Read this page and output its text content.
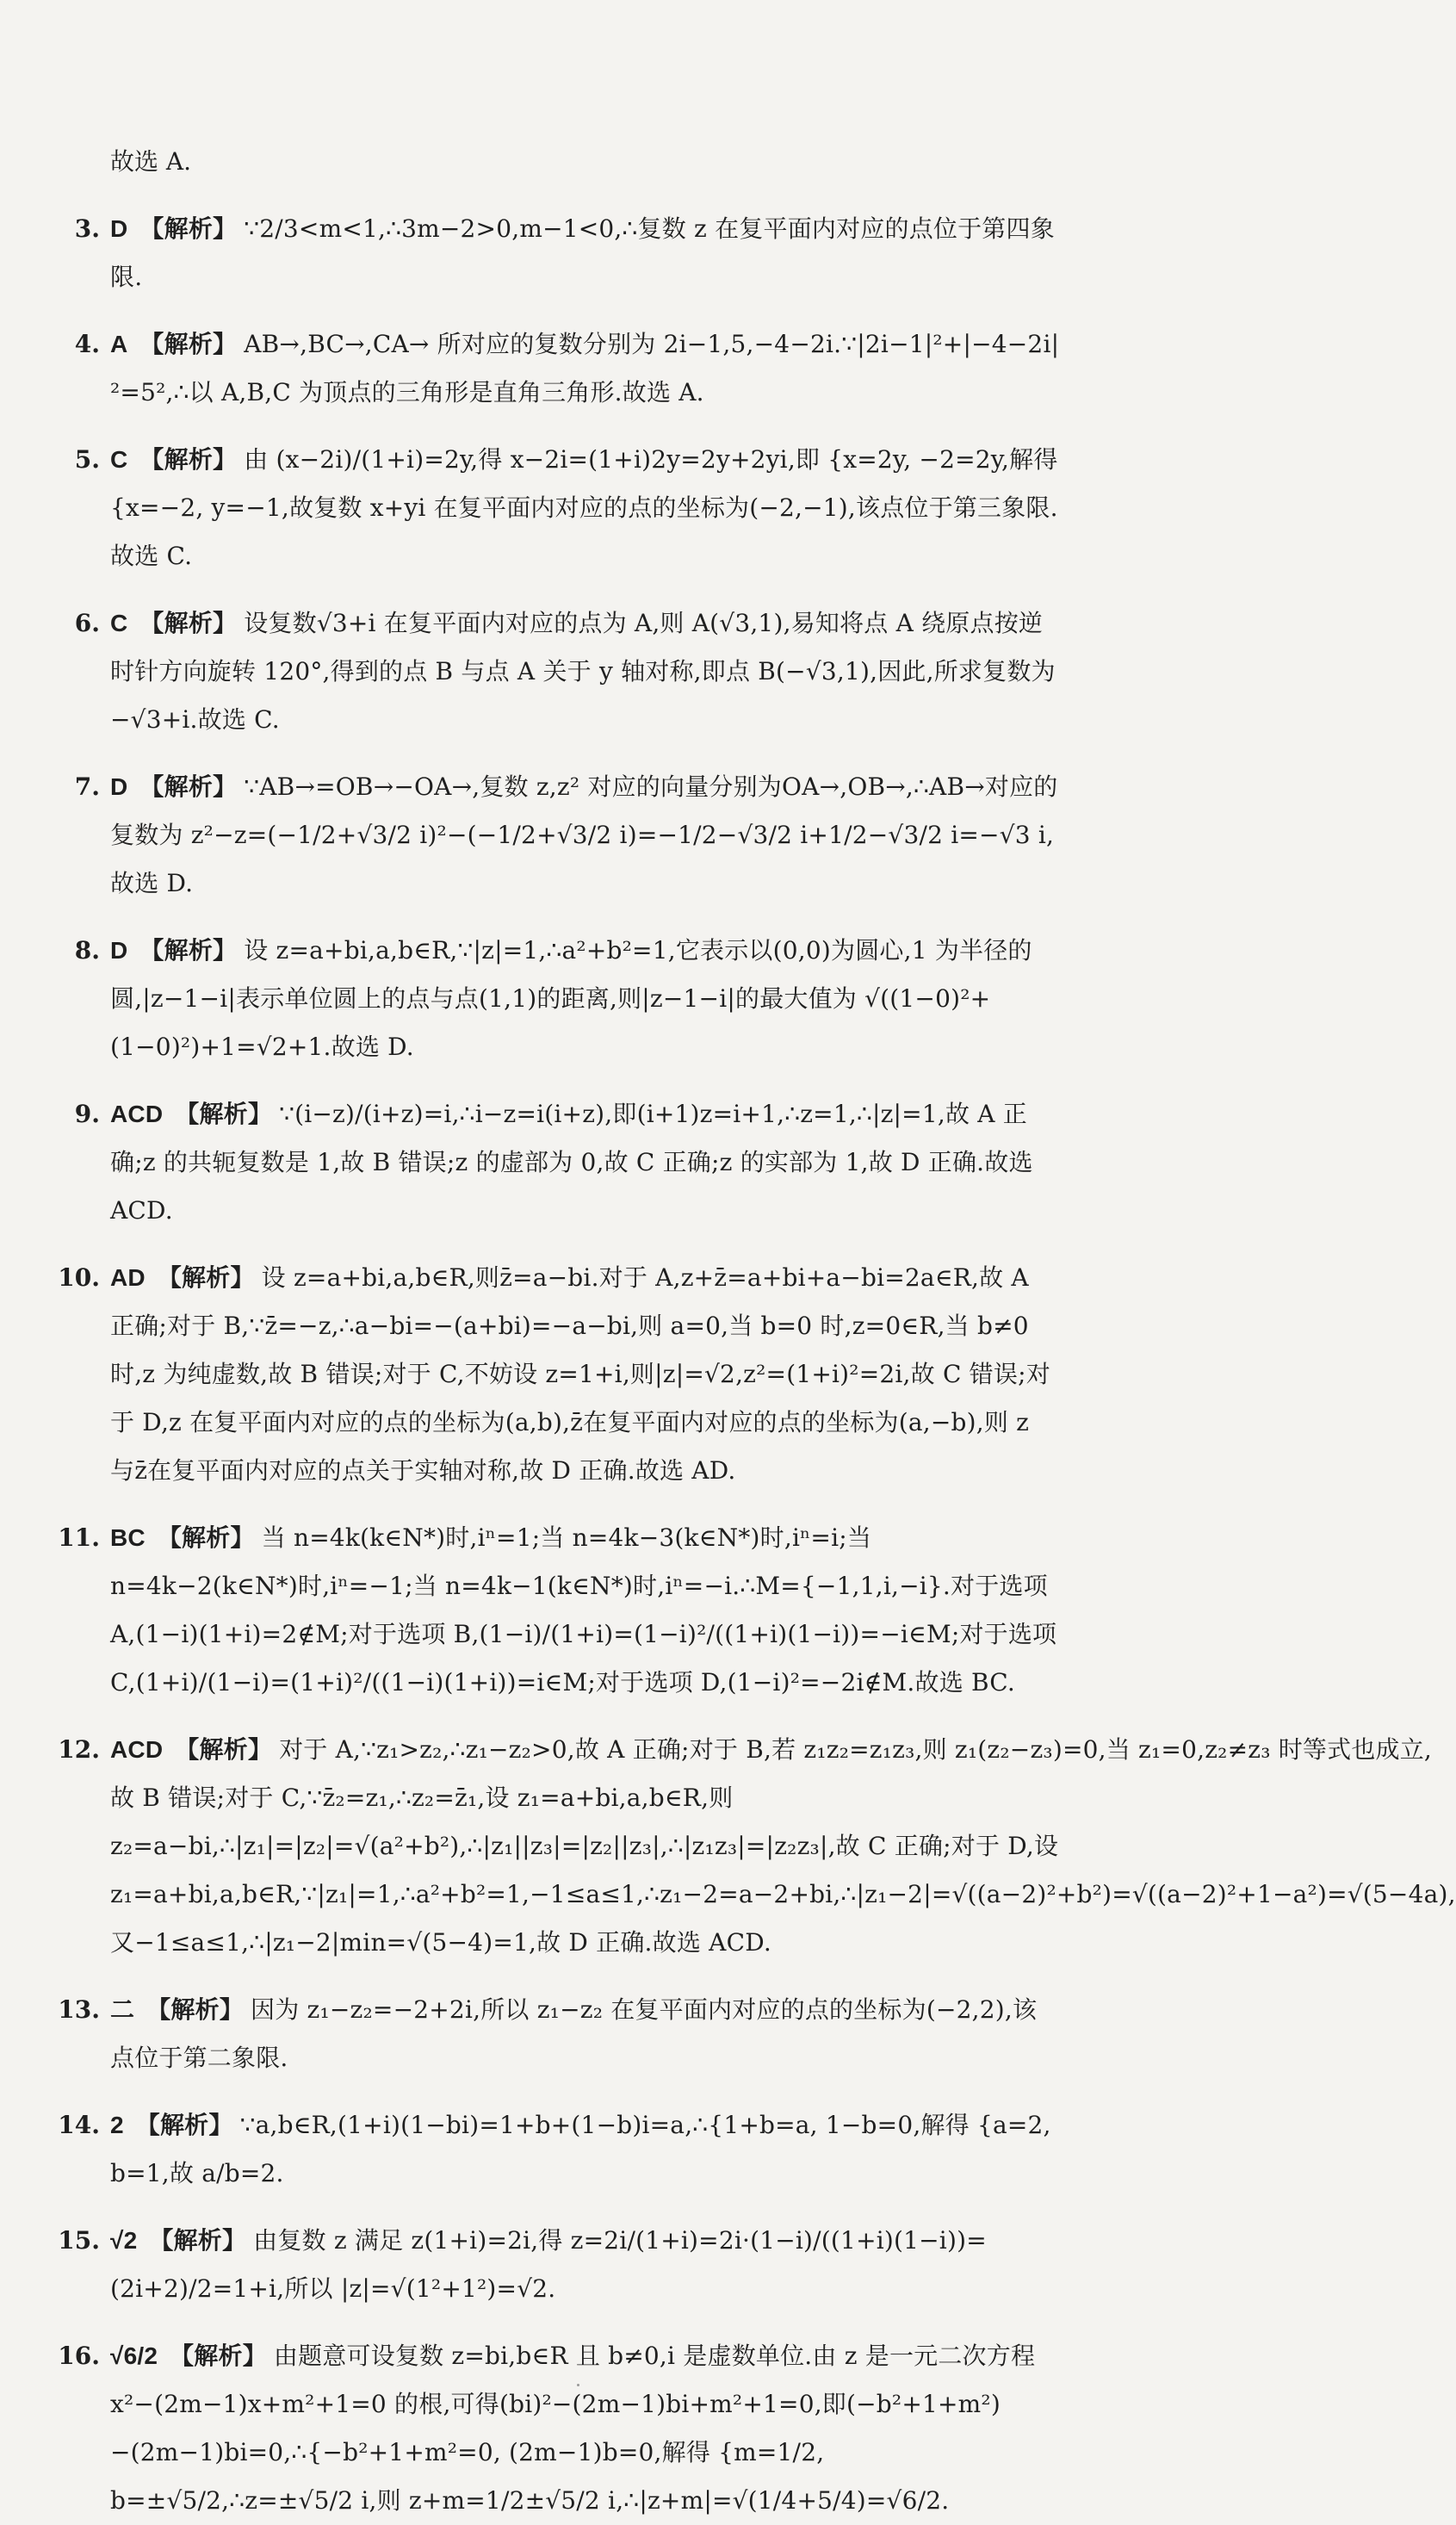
故选 A.
3. D 【解析】 ∵2/3<m<1,∴3m−2>0,m−1<0,∴复数 z 在复平面内对应的点位于第四象限.
4. A 【解析】 AB→,BC→,CA→ 所对应的复数分别为 2i−1,5,−4−2i.∵|2i−1|²+|−4−2i|²=5²,∴以 A,B,C 为顶点的三角形是直角三角形.故选 A.
5. C 【解析】 由 (x−2i)/(1+i)=2y,得 x−2i=(1+i)2y=2y+2yi,即 {x=2y, −2=2y,解得 {x=−2, y=−1,故复数 x+yi 在复平面内对应的点的坐标为(−2,−1),该点位于第三象限.故选 C.
6. C 【解析】 设复数√3+i 在复平面内对应的点为 A,则 A(√3,1),易知将点 A 绕原点按逆时针方向旋转 120°,得到的点 B 与点 A 关于 y 轴对称,即点 B(−√3,1),因此,所求复数为−√3+i.故选 C.
7. D 【解析】 ∵AB→=OB→−OA→,复数 z,z² 对应的向量分别为OA→,OB→,∴AB→对应的复数为 z²−z=(−1/2+√3/2 i)²−(−1/2+√3/2 i)=−1/2−√3/2 i+1/2−√3/2 i=−√3 i,故选 D.
8. D 【解析】 设 z=a+bi,a,b∈R,∵|z|=1,∴a²+b²=1,它表示以(0,0)为圆心,1 为半径的圆,|z−1−i|表示单位圆上的点与点(1,1)的距离,则|z−1−i|的最大值为 √((1−0)²+(1−0)²)+1=√2+1.故选 D.
9. ACD 【解析】 ∵(i−z)/(i+z)=i,∴i−z=i(i+z),即(i+1)z=i+1,∴z=1,∴|z|=1,故 A 正确;z 的共轭复数是 1,故 B 错误;z 的虚部为 0,故 C 正确;z 的实部为 1,故 D 正确.故选 ACD.
10. AD 【解析】 设 z=a+bi,a,b∈R,则z̄=a−bi.对于 A,z+z̄=a+bi+a−bi=2a∈R,故 A 正确;对于 B,∵z̄=−z,∴a−bi=−(a+bi)=−a−bi,则 a=0,当 b=0 时,z=0∈R,当 b≠0 时,z 为纯虚数,故 B 错误;对于 C,不妨设 z=1+i,则|z|=√2,z²=(1+i)²=2i,故 C 错误;对于 D,z 在复平面内对应的点的坐标为(a,b),z̄在复平面内对应的点的坐标为(a,−b),则 z 与z̄在复平面内对应的点关于实轴对称,故 D 正确.故选 AD.
11. BC 【解析】 当 n=4k(k∈N*)时,iⁿ=1;当 n=4k−3(k∈N*)时,iⁿ=i;当 n=4k−2(k∈N*)时,iⁿ=−1;当 n=4k−1(k∈N*)时,iⁿ=−i.∴M={−1,1,i,−i}.对于选项 A,(1−i)(1+i)=2∉M;对于选项 B,(1−i)/(1+i)=(1−i)²/((1+i)(1−i))=−i∈M;对于选项 C,(1+i)/(1−i)=(1+i)²/((1−i)(1+i))=i∈M;对于选项 D,(1−i)²=−2i∉M.故选 BC.
12. ACD 【解析】 对于 A,∵z₁>z₂,∴z₁−z₂>0,故 A 正确;对于 B,若 z₁z₂=z₁z₃,则 z₁(z₂−z₃)=0,当 z₁=0,z₂≠z₃ 时等式也成立,故 B 错误;对于 C,∵z̄₂=z₁,∴z₂=z̄₁,设 z₁=a+bi,a,b∈R,则 z₂=a−bi,∴|z₁|=|z₂|=√(a²+b²),∴|z₁||z₃|=|z₂||z₃|,∴|z₁z₃|=|z₂z₃|,故 C 正确;对于 D,设 z₁=a+bi,a,b∈R,∵|z₁|=1,∴a²+b²=1,−1≤a≤1,∴z₁−2=a−2+bi,∴|z₁−2|=√((a−2)²+b²)=√((a−2)²+1−a²)=√(5−4a),又−1≤a≤1,∴|z₁−2|min=√(5−4)=1,故 D 正确.故选 ACD.
13. 二 【解析】 因为 z₁−z₂=−2+2i,所以 z₁−z₂ 在复平面内对应的点的坐标为(−2,2),该点位于第二象限.
14. 2 【解析】 ∵a,b∈R,(1+i)(1−bi)=1+b+(1−b)i=a,∴{1+b=a, 1−b=0,解得 {a=2, b=1,故 a/b=2.
15. √2 【解析】 由复数 z 满足 z(1+i)=2i,得 z=2i/(1+i)=2i·(1−i)/((1+i)(1−i))=(2i+2)/2=1+i,所以 |z|=√(1²+1²)=√2.
16. √6/2 【解析】 由题意可设复数 z=bi,b∈R 且 b≠0,i 是虚数单位.由 z 是一元二次方程 x²−(2m−1)x+m²+1=0 的根,可得(bi)²−(2m−1)bi+m²+1=0,即(−b²+1+m²)−(2m−1)bi=0,∴{−b²+1+m²=0, (2m−1)b=0,解得 {m=1/2, b=±√5/2,∴z=±√5/2 i,则 z+m=1/2±√5/2 i,∴|z+m|=√(1/4+5/4)=√6/2.
